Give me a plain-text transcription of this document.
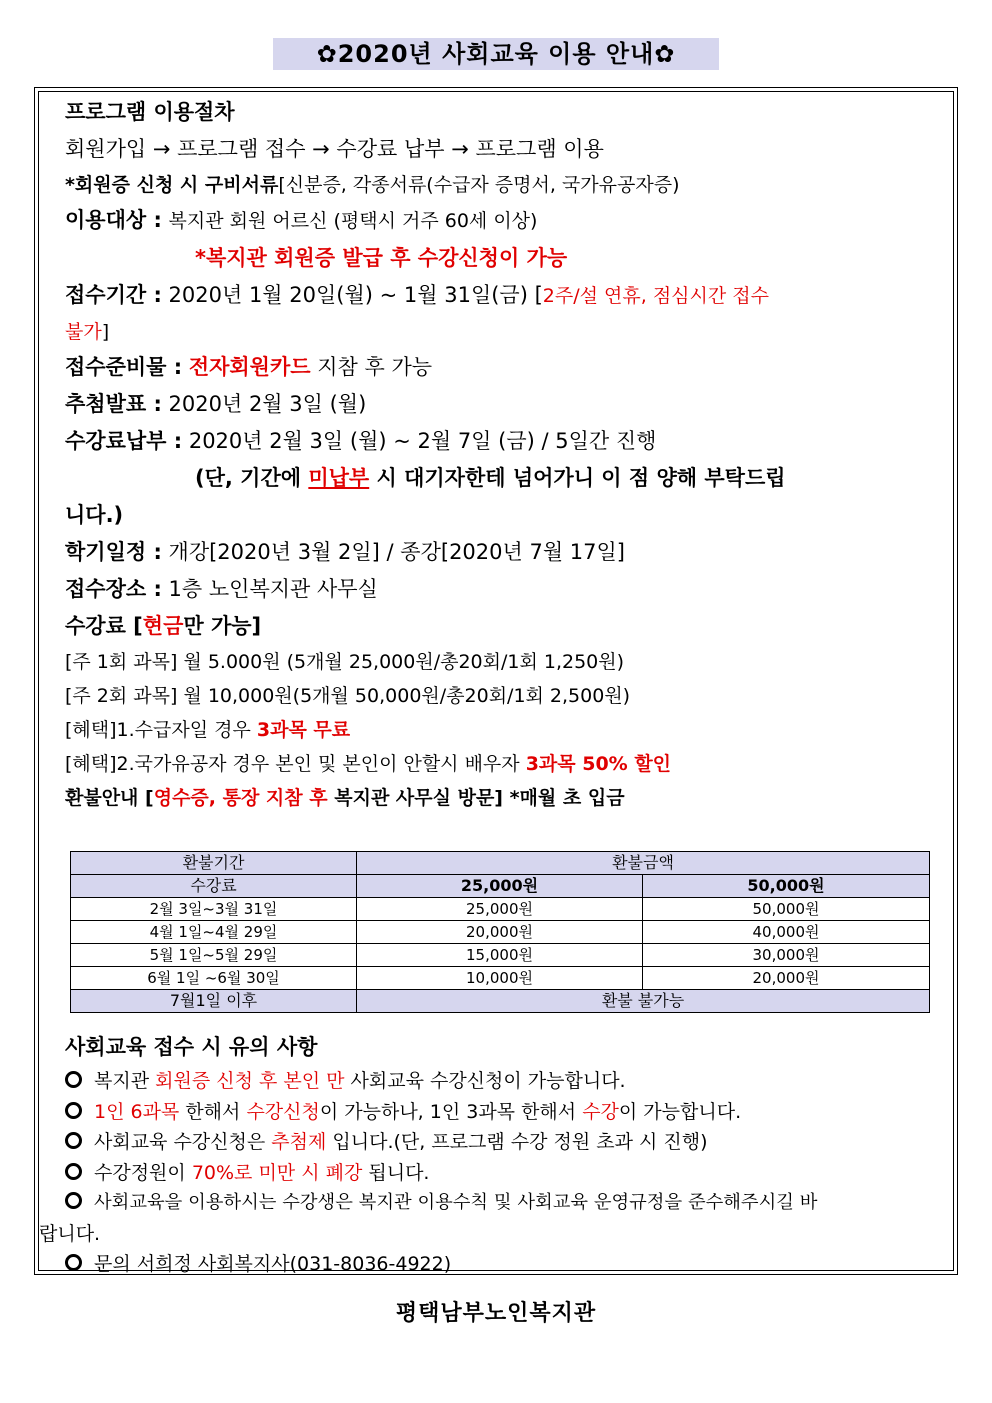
✿2020년 사회교육 이용 안내✿
프로그램 이용절차
회원가입 → 프로그램 접수 → 수강료 납부 → 프로그램 이용
*회원증 신청 시 구비서류[신분증, 각종서류(수급자 증명서, 국가유공자증)
이용대상 : 복지관 회원 어르신 (평택시 거주 60세 이상)
*복지관 회원증 발급 후 수강신청이 가능
접수기간 : 2020년 1월 20일(월) ~ 1월 31일(금) [2주/설 연휴, 점심시간 접수
불가]
접수준비물 : 전자회원카드 지참 후 가능
추첨발표 : 2020년 2월 3일 (월)
수강료납부 : 2020년 2월 3일 (월) ~ 2월 7일 (금) / 5일간 진행
(단, 기간에 미납부 시 대기자한테 넘어가니 이 점 양해 부탁드립
니다.)
학기일정 : 개강[2020년 3월 2일] / 종강[2020년 7월 17일]
접수장소 : 1층 노인복지관 사무실
수강료 [현금만 가능]
[주 1회 과목] 월 5.000원 (5개월 25,000원/총20회/1회 1,250원)
[주 2회 과목] 월 10,000원(5개월 50,000원/총20회/1회 2,500원)
[혜택]1.수급자일 경우 3과목 무료
[혜택]2.국가유공자 경우 본인 및 본인이 안할시 배우자 3과목 50% 할인
환불안내 [영수증, 통장 지참 후 복지관 사무실 방문] *매월 초 입금
환불기간	환불금액	
수강료	25,000원	50,000원
2월 3일~3월 31일	25,000원	50,000원
4월 1일~4월 29일	20,000원	40,000원
5월 1일~5월 29일	15,000원	30,000원
6월 1일 ~6월 30일	10,000원	20,000원
7월1일 이후	환불 불가능	
사회교육 접수 시 유의 사항
복지관 회원증 신청 후 본인 만 사회교육 수강신청이 가능합니다.
1인 6과목 한해서 수강신청이 가능하나, 1인 3과목 한해서 수강이 가능합니다.
사회교육 수강신청은 추첨제 입니다.(단, 프로그램 수강 정원 초과 시 진행)
수강정원이 70%로 미만 시 폐강 됩니다.
사회교육을 이용하시는 수강생은 복지관 이용수칙 및 사회교육 운영규정을 준수해주시길 바
랍니다.
문의 서희정 사회복지사(031-8036-4922)
평택남부노인복지관
